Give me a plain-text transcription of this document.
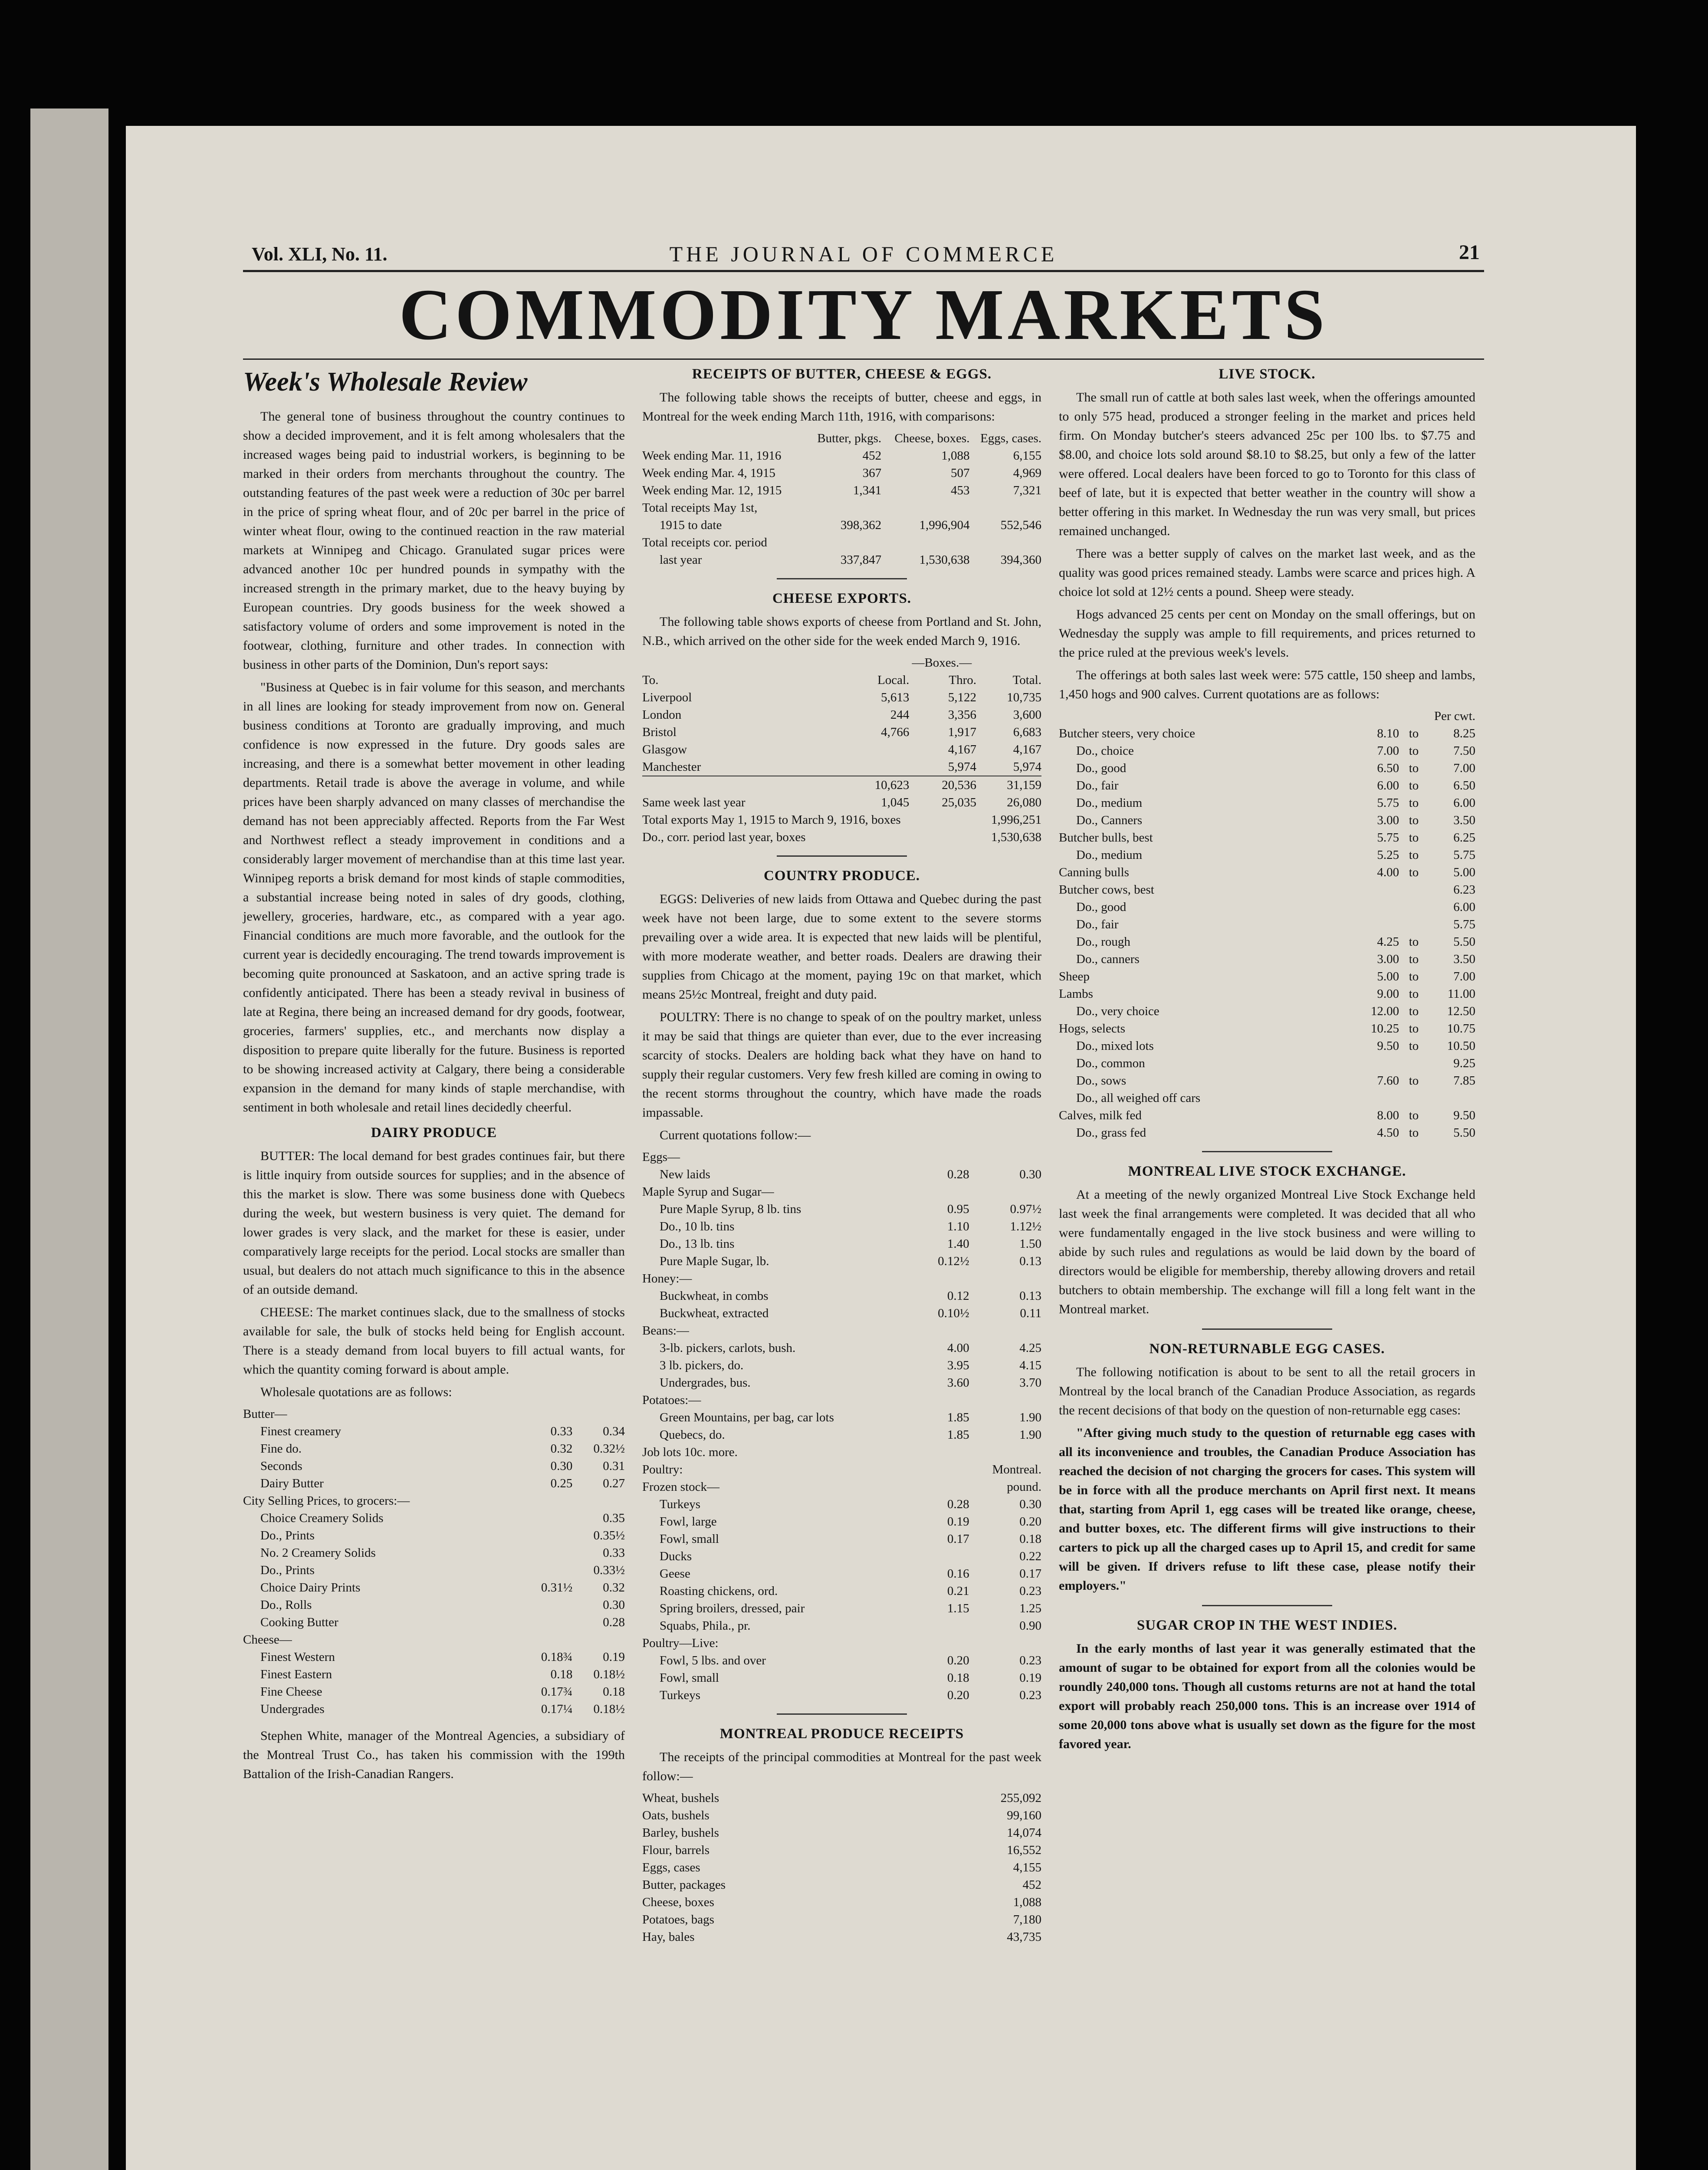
Vol. XLI, No. 11.	THE JOURNAL OF COMMERCE	21
COMMODITY MARKETS
Week's Wholesale Review

The general tone of business throughout the country continues to show a decided improvement, and it is felt among wholesalers that the increased wages being paid to industrial workers, is beginning to be marked in their orders from merchants throughout the country. The outstanding features of the past week were a reduction of 30c per barrel in the price of spring wheat flour, and of 20c per barrel in the price of winter wheat flour, owing to the continued reaction in the raw material markets at Winnipeg and Chicago. Granulated sugar prices were advanced another 10c per hundred pounds in sympathy with the increased strength in the primary market, due to the heavy buying by European countries. Dry goods business for the week showed a satisfactory volume of orders and some improvement is noted in the footwear, clothing, furniture and other trades. In connection with business in other parts of the Dominion, Dun's report says:

"Business at Quebec is in fair volume for this season, and merchants in all lines are looking for steady improvement from now on. General business conditions at Toronto are gradually improving, and much confidence is now expressed in the future. Dry goods sales are increasing, and there is a somewhat better movement in other leading departments. Retail trade is above the average in volume, and while prices have been sharply advanced on many classes of merchandise the demand has not been appreciably affected. Reports from the Far West and Northwest reflect a steady improvement in conditions and a considerably larger movement of merchandise than at this time last year. Winnipeg reports a brisk demand for most kinds of staple commodities, a substantial increase being noted in sales of dry goods, clothing, jewellery, groceries, hardware, etc., as compared with a year ago. Financial conditions are much more favorable, and the outlook for the current year is decidedly encouraging. The trend towards improvement is becoming quite pronounced at Saskatoon, and an active spring trade is confidently anticipated. There has been a steady revival in business of late at Regina, there being an increased demand for dry goods, footwear, groceries, farmers' supplies, etc., and merchants now display a disposition to prepare quite liberally for the future. Business is reported to be showing increased activity at Calgary, there being a considerable expansion in the demand for many kinds of staple merchandise, with sentiment in both wholesale and retail lines decidedly cheerful.

DAIRY PRODUCE

BUTTER: The local demand for best grades continues fair, but there is little inquiry from outside sources for supplies; and in the absence of this the market is slow. There was some business done with Quebecs during the week, but western business is very quiet. The demand for lower grades is very slack, and the market for these is easier, under comparatively large receipts for the period. Local stocks are smaller than usual, but dealers do not attach much significance to this in the absence of an outside demand.

CHEESE: The market continues slack, due to the smallness of stocks available for sale, the bulk of stocks held being for English account. There is a steady demand from local buyers to fill actual wants, for which the quantity coming forward is about ample.

Wholesale quotations are as follows:

Butter—		
Finest creamery	0.33	0.34
Fine do.	0.32	0.32½
Seconds	0.30	0.31
Dairy Butter	0.25	0.27
City Selling Prices, to grocers:—		
Choice Creamery Solids		0.35
Do., Prints		0.35½
No. 2 Creamery Solids		0.33
Do., Prints		0.33½
Choice Dairy Prints	0.31½	0.32
Do., Rolls		0.30
Cooking Butter		0.28
Cheese—		
Finest Western	0.18¾	0.19
Finest Eastern	0.18	0.18½
Fine Cheese	0.17¾	0.18
Undergrades	0.17¼	0.18½

Stephen White, manager of the Montreal Agencies, a subsidiary of the Montreal Trust Co., has taken his commission with the 199th Battalion of the Irish-Canadian Rangers.

RECEIPTS OF BUTTER, CHEESE & EGGS.

The following table shows the receipts of butter, cheese and eggs, in Montreal for the week ending March 11th, 1916, with comparisons:

	Butter, pkgs.	Cheese, boxes.	Eggs, cases.
Week ending Mar. 11, 1916	452	1,088	6,155
Week ending Mar. 4, 1915	367	507	4,969
Week ending Mar. 12, 1915	1,341	453	7,321
Total receipts May 1st,			
1915 to date	398,362	1,996,904	552,546
Total receipts cor. period			
last year	337,847	1,530,638	394,360
CHEESE EXPORTS.

The following table shows exports of cheese from Portland and St. John, N.B., which arrived on the other side for the week ended March 9, 1916.

	—Boxes.—		
To.	Local.	Thro.	Total.
Liverpool	5,613	5,122	10,735
London	244	3,356	3,600
Bristol	4,766	1,917	6,683
Glasgow		4,167	4,167
Manchester		5,974	5,974
	10,623	20,536	31,159
Same week last year	1,045	25,035	26,080
Total exports May 1, 1915 to March 9, 1916, boxes			1,996,251
Do., corr. period last year, boxes			1,530,638
COUNTRY PRODUCE.

EGGS: Deliveries of new laids from Ottawa and Quebec during the past week have not been large, due to some extent to the severe storms prevailing over a wide area. It is expected that new laids will be plentiful, with more moderate weather, and better roads. Dealers are drawing their supplies from Chicago at the moment, paying 19c on that market, which means 25½c Montreal, freight and duty paid.

POULTRY: There is no change to speak of on the poultry market, unless it may be said that things are quieter than ever, due to the ever increasing scarcity of stocks. Dealers are holding back what they have on hand to supply their regular customers. Very few fresh killed are coming in owing to the recent storms throughout the country, which have made the roads impassable.

Current quotations follow:—

Eggs—		
New laids	0.28	0.30
Maple Syrup and Sugar—		
Pure Maple Syrup, 8 lb. tins	0.95	0.97½
Do., 10 lb. tins	1.10	1.12½
Do., 13 lb. tins	1.40	1.50
Pure Maple Sugar, lb.	0.12½	0.13
Honey:—		
Buckwheat, in combs	0.12	0.13
Buckwheat, extracted	0.10½	0.11
Beans:—		
3-lb. pickers, carlots, bush.	4.00	4.25
3 lb. pickers, do.	3.95	4.15
Undergrades, bus.	3.60	3.70
Potatoes:—		
Green Mountains, per bag, car lots	1.85	1.90
Quebecs, do.	1.85	1.90
Job lots 10c. more.		
Poultry:		Montreal.
Frozen stock—		pound.
Turkeys	0.28	0.30
Fowl, large	0.19	0.20
Fowl, small	0.17	0.18
Ducks		0.22
Geese	0.16	0.17
Roasting chickens, ord.	0.21	0.23
Spring broilers, dressed, pair	1.15	1.25
Squabs, Phila., pr.		0.90
Poultry—Live:		
Fowl, 5 lbs. and over	0.20	0.23
Fowl, small	0.18	0.19
Turkeys	0.20	0.23
MONTREAL PRODUCE RECEIPTS

The receipts of the principal commodities at Montreal for the past week follow:—

Wheat, bushels	255,092
Oats, bushels	99,160
Barley, bushels	14,074
Flour, barrels	16,552
Eggs, cases	4,155
Butter, packages	452
Cheese, boxes	1,088
Potatoes, bags	7,180
Hay, bales	43,735
LIVE STOCK.

The small run of cattle at both sales last week, when the offerings amounted to only 575 head, produced a stronger feeling in the market and prices held firm. On Monday butcher's steers advanced 25c per 100 lbs. to $7.75 and $8.00, and choice lots sold around $8.10 to $8.25, but only a few of the latter were offered. Local dealers have been forced to go to Toronto for this class of beef of late, but it is expected that better weather in the country will show a better offering in this market. In Wednesday the run was very small, but prices remained unchanged.

There was a better supply of calves on the market last week, and as the quality was good prices remained steady. Lambs were scarce and prices high. A choice lot sold at 12½ cents a pound. Sheep were steady.

Hogs advanced 25 cents per cent on Monday on the small offerings, but on Wednesday the supply was ample to fill requirements, and prices returned to the price ruled at the previous week's levels.

The offerings at both sales last week were: 575 cattle, 150 sheep and lambs, 1,450 hogs and 900 calves. Current quotations are as follows:

	Per cwt.		
Butcher steers, very choice	8.10	to	8.25
Do., choice	7.00	to	7.50
Do., good	6.50	to	7.00
Do., fair	6.00	to	6.50
Do., medium	5.75	to	6.00
Do., Canners	3.00	to	3.50
Butcher bulls, best	5.75	to	6.25
Do., medium	5.25	to	5.75
Canning bulls	4.00	to	5.00
Butcher cows, best			6.23
Do., good			6.00
Do., fair			5.75
Do., rough	4.25	to	5.50
Do., canners	3.00	to	3.50
Sheep	5.00	to	7.00
Lambs	9.00	to	11.00
Do., very choice	12.00	to	12.50
Hogs, selects	10.25	to	10.75
Do., mixed lots	9.50	to	10.50
Do., common			9.25
Do., sows	7.60	to	7.85
Do., all weighed off cars			
Calves, milk fed	8.00	to	9.50
Do., grass fed	4.50	to	5.50
MONTREAL LIVE STOCK EXCHANGE.

At a meeting of the newly organized Montreal Live Stock Exchange held last week the final arrangements were completed. It was decided that all who were fundamentally engaged in the live stock business and were willing to abide by such rules and regulations as would be laid down by the board of directors would be eligible for membership, thereby allowing drovers and retail butchers to obtain membership. The exchange will fill a long felt want in the Montreal market.

NON-RETURNABLE EGG CASES.

The following notification is about to be sent to all the retail grocers in Montreal by the local branch of the Canadian Produce Association, as regards the recent decisions of that body on the question of non-returnable egg cases:

"After giving much study to the question of returnable egg cases with all its inconvenience and troubles, the Canadian Produce Association has reached the decision of not charging the grocers for cases. This system will be in force with all the produce merchants on April first next. It means that, starting from April 1, egg cases will be treated like orange, cheese, and butter boxes, etc. The different firms will give instructions to their carters to pick up all the charged cases up to April 15, and credit for same will be given. If drivers refuse to lift these case, please notify their employers."

SUGAR CROP IN THE WEST INDIES.

In the early months of last year it was generally estimated that the amount of sugar to be obtained for export from all the colonies would be roundly 240,000 tons. Though all customs returns are not at hand the total export will probably reach 250,000 tons. This is an increase over 1914 of some 20,000 tons above what is usually set down as the figure for the most favored year.
